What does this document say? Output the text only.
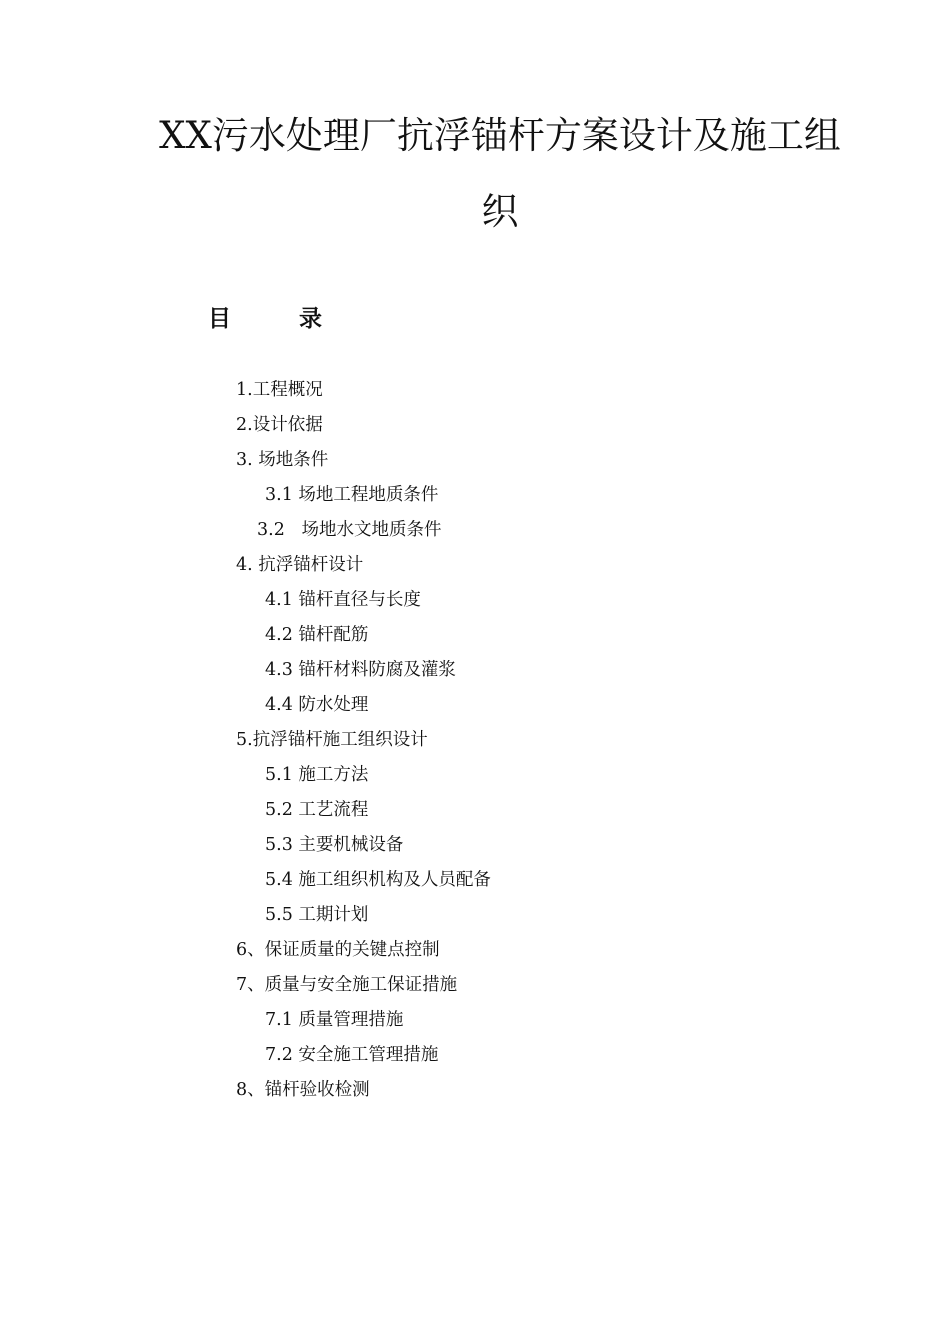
XX污水处理厂抗浮锚杆方案设计及施工组
织
目 录
1.工程概况
2.设计依据
3. 场地条件
3.1 场地工程地质条件
3.2   场地水文地质条件
4. 抗浮锚杆设计
4.1 锚杆直径与长度
4.2 锚杆配筋
4.3 锚杆材料防腐及灌浆
4.4 防水处理
5.抗浮锚杆施工组织设计
5.1 施工方法
5.2 工艺流程
5.3 主要机械设备
5.4 施工组织机构及人员配备
5.5 工期计划
6、保证质量的关键点控制
7、质量与安全施工保证措施
7.1 质量管理措施
7.2 安全施工管理措施
8、锚杆验收检测
